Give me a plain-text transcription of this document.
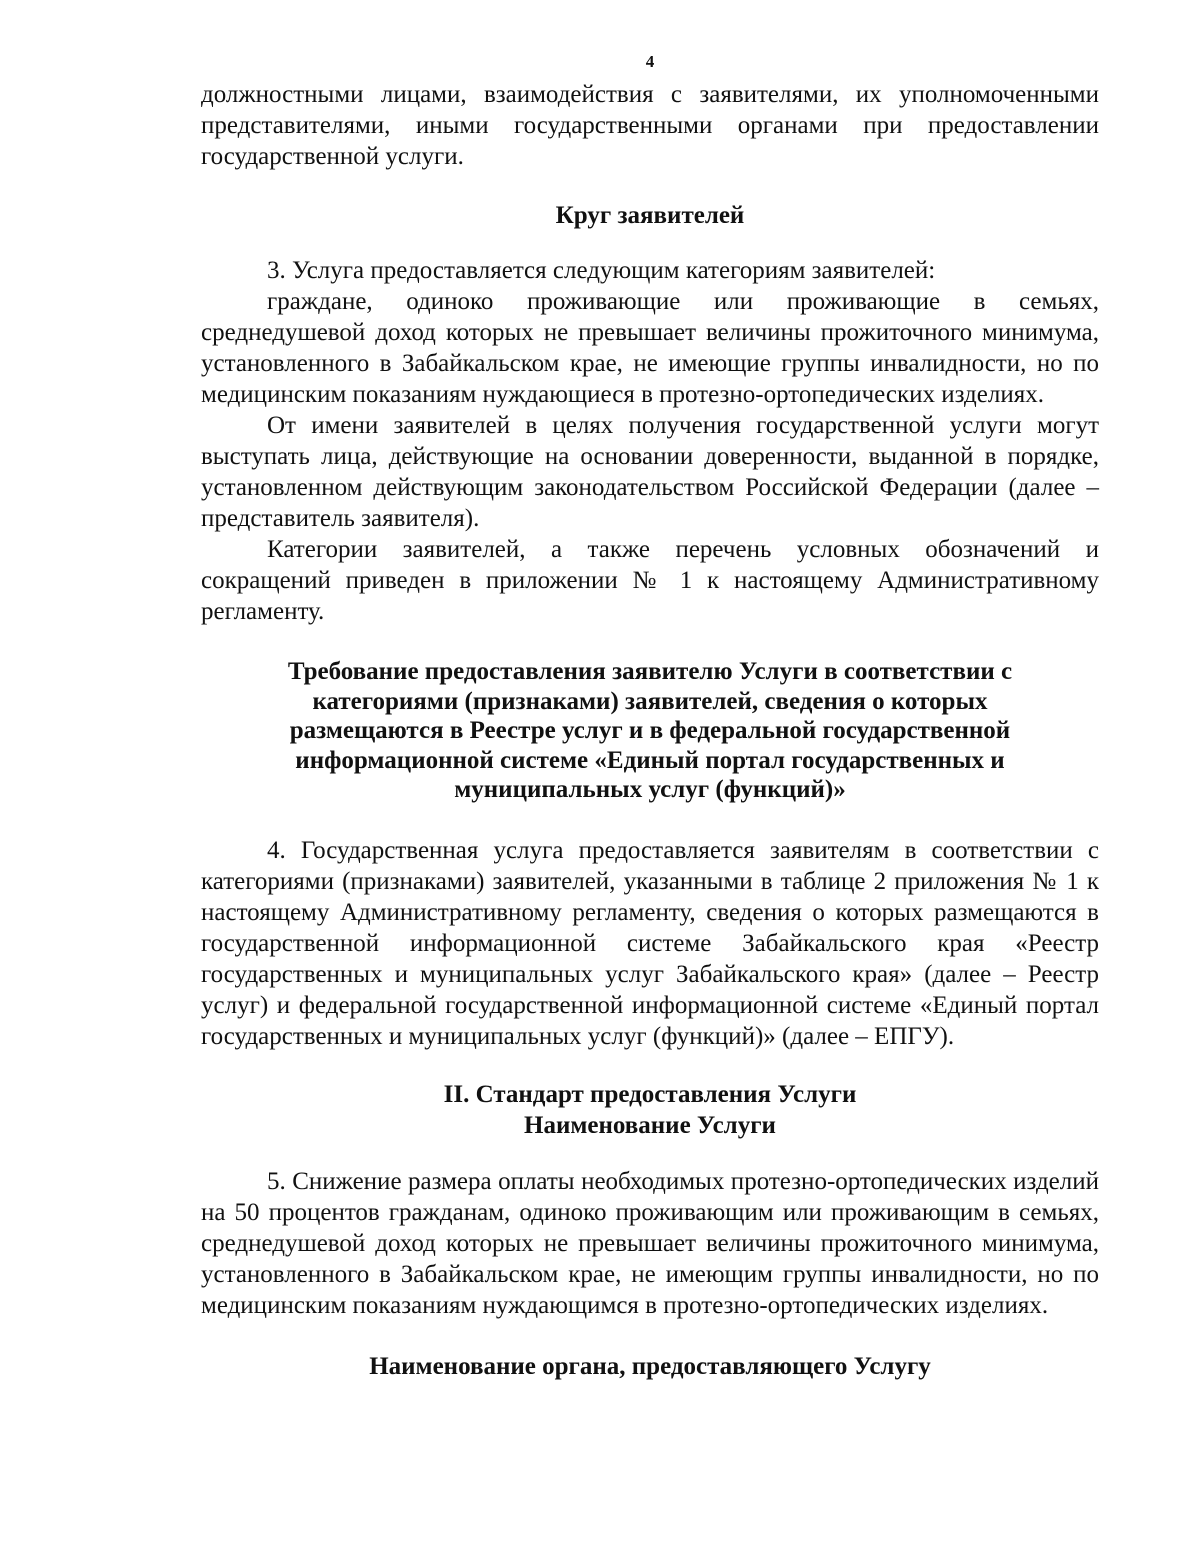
4

должностными лицами, взаимодействия с заявителями, их уполномоченными представителями, иными государственными органами при предоставлении государственной услуги.

Круг заявителей

3. Услуга предоставляется следующим категориям заявителей:

граждане, одиноко проживающие или проживающие в семьях, среднедушевой доход которых не превышает величины прожиточного минимума, установленного в Забайкальском крае, не имеющие группы инвалидности, но по медицинским показаниям нуждающиеся в протезно-ортопедических изделиях.

От имени заявителей в целях получения государственной услуги могут выступать лица, действующие на основании доверенности, выданной в порядке, установленном действующим законодательством Российской Федерации (далее – представитель заявителя).

Категории заявителей, а также перечень условных обозначений и сокращений приведен в приложении № 1 к настоящему Административному регламенту.

Требование предоставления заявителю Услуги в соответствии с
категориями (признаками) заявителей, сведения о которых
размещаются в Реестре услуг и в федеральной государственной
информационной системе «Единый портал государственных и
муниципальных услуг (функций)»

4. Государственная услуга предоставляется заявителям в соответствии с категориями (признаками) заявителей, указанными в таблице 2 приложения № 1 к настоящему Административному регламенту, сведения о которых размещаются в государственной информационной системе Забайкальского края «Реестр государственных и муниципальных услуг Забайкальского края» (далее – Реестр услуг) и федеральной государственной информационной системе «Единый портал государственных и муниципальных услуг (функций)» (далее – ЕПГУ).

II. Стандарт предоставления Услуги
Наименование Услуги

5. Снижение размера оплаты необходимых протезно-ортопедических изделий на 50 процентов гражданам, одиноко проживающим или проживающим в семьях, среднедушевой доход которых не превышает величины прожиточного минимума, установленного в Забайкальском крае, не имеющим группы инвалидности, но по медицинским показаниям нуждающимся в протезно-ортопедических изделиях.

Наименование органа, предоставляющего Услугу
